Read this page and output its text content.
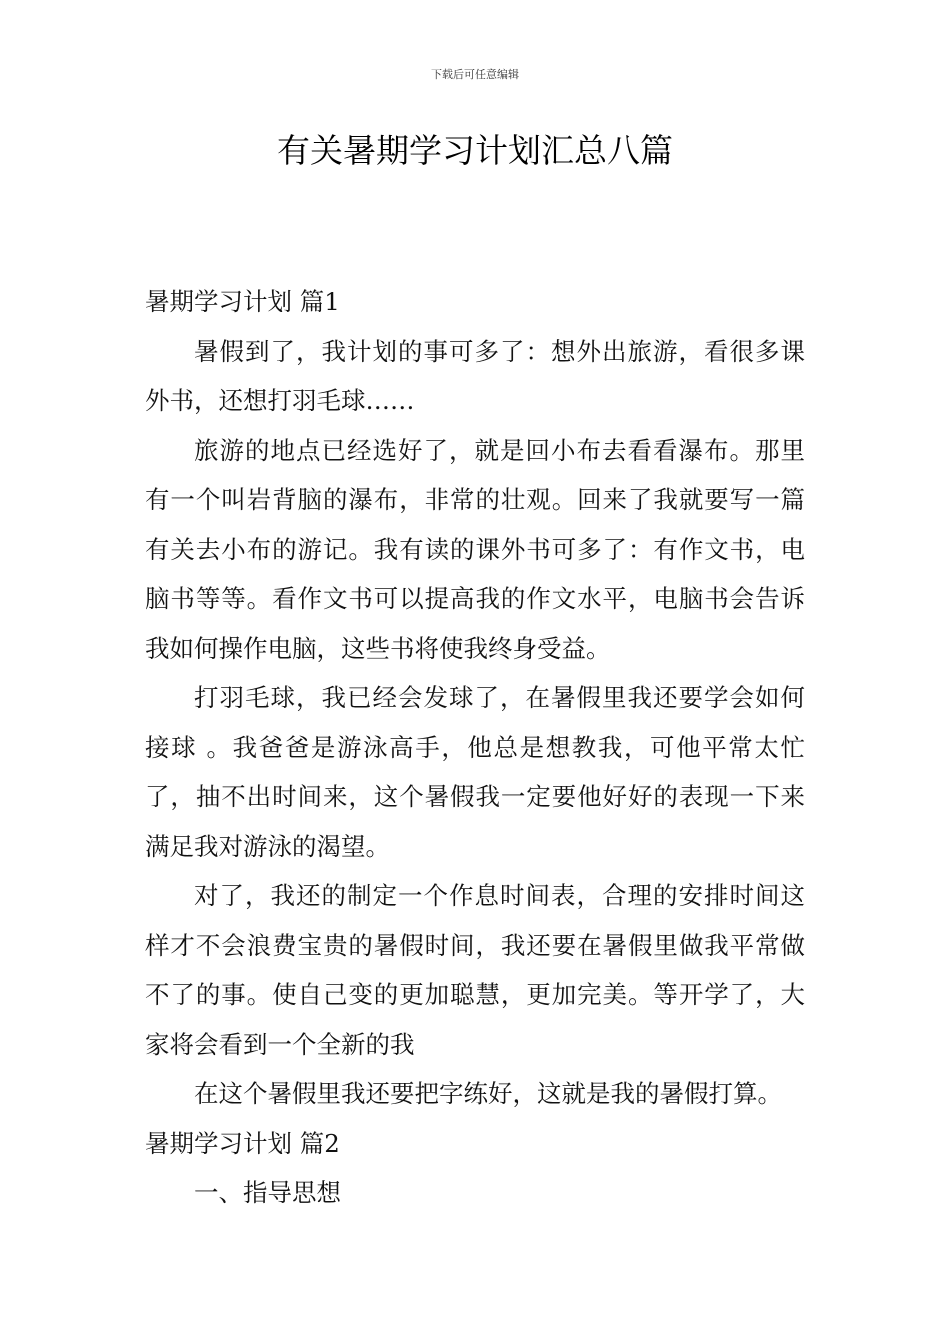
下载后可任意编辑
有关暑期学习计划汇总八篇

暑期学习计划 篇1

暑假到了，我计划的事可多了：想外出旅游，看很多课外书，还想打羽毛球……

旅游的地点已经选好了，就是回小布去看看瀑布。那里有一个叫岩背脑的瀑布，非常的壮观。回来了我就要写一篇有关去小布的游记。我有读的课外书可多了：有作文书，电脑书等等。看作文书可以提高我的作文水平，电脑书会告诉我如何操作电脑，这些书将使我终身受益。

打羽毛球，我已经会发球了，在暑假里我还要学会如何接球 。我爸爸是游泳高手，他总是想教我，可他平常太忙了，抽不出时间来，这个暑假我一定要他好好的表现一下来满足我对游泳的渴望。

对了，我还的制定一个作息时间表，合理的安排时间这样才不会浪费宝贵的暑假时间，我还要在暑假里做我平常做不了的事。使自己变的更加聪慧，更加完美。等开学了，大家将会看到一个全新的我

在这个暑假里我还要把字练好，这就是我的暑假打算。

暑期学习计划 篇2

一、指导思想
